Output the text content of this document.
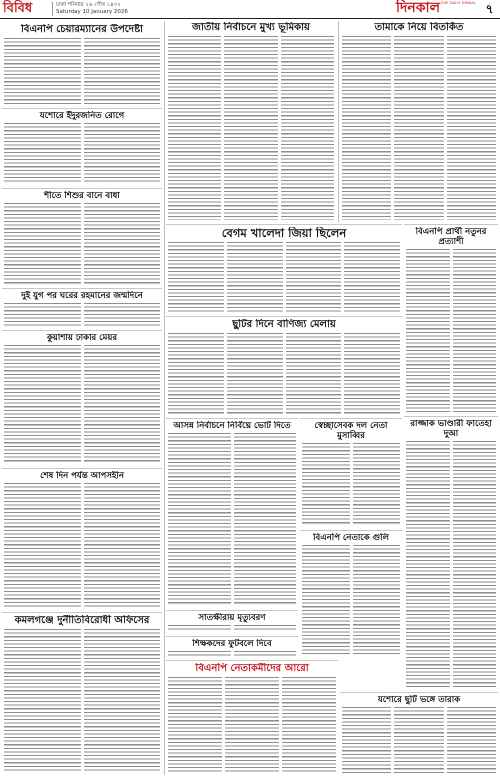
বিবিধ	ঢাকা শনিবার ২৬ পৌষ ১৪৩২
Saturday 10 January 2026	দিনকাল THE DAILY DINKAL ৭
বিএনপি চেয়ারম্যানের উপদেষ্টা
যশোরে ইঁদুরজনিত রোগে
শীতে শিশুর বানে বাধা
দুই যুগ পর ঘরের রহমানের জন্মদিনে
কুয়াশায় ঢাকার মেয়র
শেষ দিন পর্যন্ত আপসহীন
কমলগঞ্জে দুর্নীতিবিরোধী অফিসের
জাতীয় নির্বাচনে মুখ্য ভূমিকায়	তামাকে নিয়ে বিতর্কিত
বেগম খালেদা জিয়া ছিলেন	বিএনপি প্রার্থী নতুনর প্রত্যাশী
ছুটির দিনে বাণিজ্য মেলায়
আসন্ন নির্বাচনে নির্বিঘ্নে ভোট দিতে	স্বেচ্ছাসেবক দল নেতা মুসাব্বির
রাজ্জাক ভাণ্ডারী ফাতেহা দুআ
বিএনপি নেতাকে গুলি
সাতক্ষীরায় মৃত্যুবরণ
শিক্ষকদের ফুটবলে দিবে
বিএনপি নেতাকর্মীদের আরো
যশোরে ছুটি ভঙ্গে তারাক
